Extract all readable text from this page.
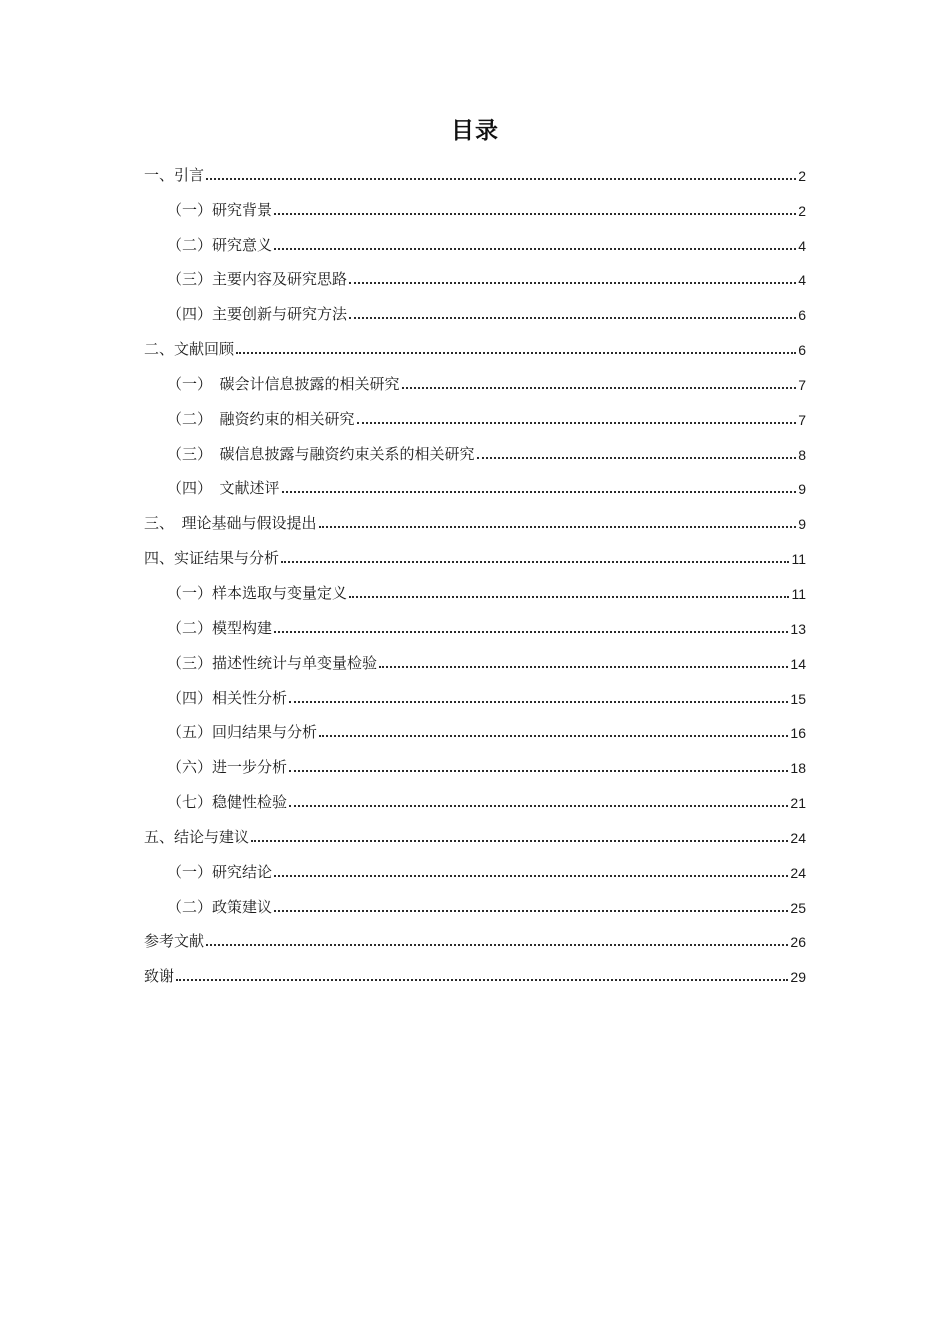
目录
一、引言	2
（一）研究背景	2
（二）研究意义	4
（三）主要内容及研究思路	4
（四）主要创新与研究方法	6
二、文献回顾	6
（一）　碳会计信息披露的相关研究	7
（二）　融资约束的相关研究	7
（三）　碳信息披露与融资约束关系的相关研究	8
（四）　文献述评	9
三、　理论基础与假设提出	9
四、实证结果与分析	11
（一）样本选取与变量定义	11
（二）模型构建	13
（三）描述性统计与单变量检验	14
（四）相关性分析	15
（五）回归结果与分析	16
（六）进一步分析	18
（七）稳健性检验	21
五、结论与建议	24
（一）研究结论	24
（二）政策建议	25
参考文献	26
致谢	29
